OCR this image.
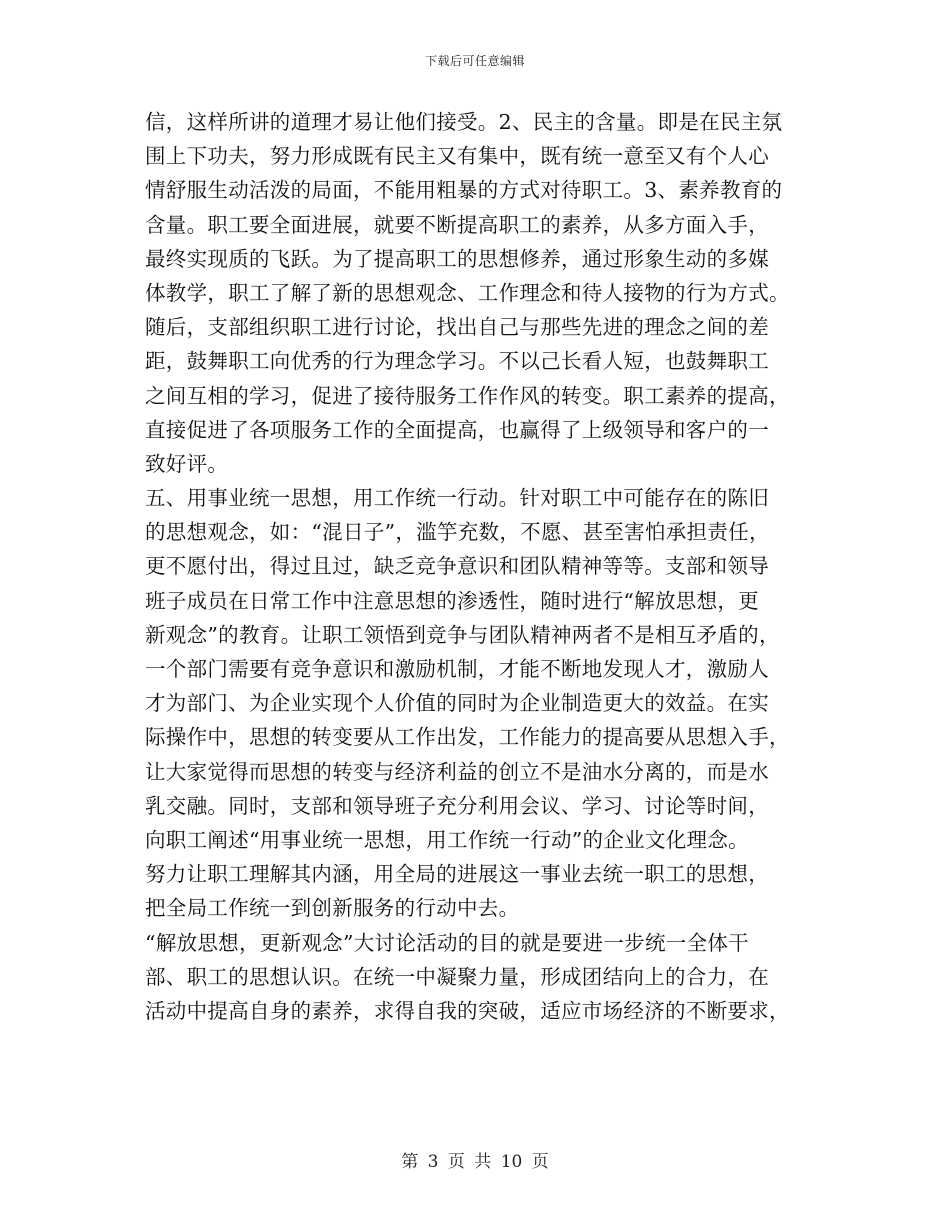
下载后可任意编辑
信，这样所讲的道理才易让他们接受。2、民主的含量。即是在民主氛
围上下功夫，努力形成既有民主又有集中，既有统一意至又有个人心
情舒服生动活泼的局面，不能用粗暴的方式对待职工。3、素养教育的
含量。职工要全面进展，就要不断提高职工的素养，从多方面入手，
最终实现质的飞跃。为了提高职工的思想修养，通过形象生动的多媒
体教学，职工了解了新的思想观念、工作理念和待人接物的行为方式。
随后，支部组织职工进行讨论，找出自己与那些先进的理念之间的差
距，鼓舞职工向优秀的行为理念学习。不以己长看人短，也鼓舞职工
之间互相的学习，促进了接待服务工作作风的转变。职工素养的提高，
直接促进了各项服务工作的全面提高，也赢得了上级领导和客户的一
致好评。
五、用事业统一思想，用工作统一行动。针对职工中可能存在的陈旧
的思想观念，如：“混日子”，滥竽充数，不愿、甚至害怕承担责任，
更不愿付出，得过且过，缺乏竞争意识和团队精神等等。支部和领导
班子成员在日常工作中注意思想的渗透性，随时进行“解放思想，更
新观念”的教育。让职工领悟到竞争与团队精神两者不是相互矛盾的，
一个部门需要有竞争意识和激励机制，才能不断地发现人才，激励人
才为部门、为企业实现个人价值的同时为企业制造更大的效益。在实
际操作中，思想的转变要从工作出发，工作能力的提高要从思想入手，
让大家觉得而思想的转变与经济利益的创立不是油水分离的，而是水
乳交融。同时，支部和领导班子充分利用会议、学习、讨论等时间，
向职工阐述“用事业统一思想，用工作统一行动”的企业文化理念。
努力让职工理解其内涵，用全局的进展这一事业去统一职工的思想，
把全局工作统一到创新服务的行动中去。
“解放思想，更新观念”大讨论活动的目的就是要进一步统一全体干
部、职工的思想认识。在统一中凝聚力量，形成团结向上的合力，在
活动中提高自身的素养，求得自我的突破，适应市场经济的不断要求，
第 3 页 共 10 页
